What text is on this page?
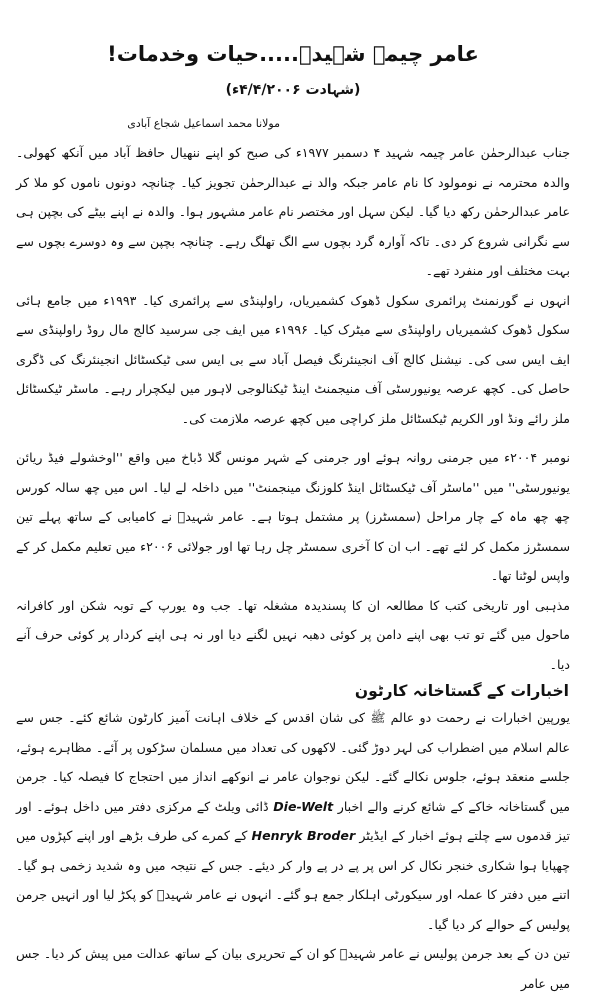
عامر چیمہ شہیدؒ.....حیات وخدمات!
(شہادت ۴/۴/۲۰۰۶ء)
مولانا محمد اسماعیل شجاع آبادی

جناب عبدالرحمٰن عامر چیمہ شہید ۴ دسمبر ۱۹۷۷ء کی صبح کو اپنے ننھیال حافظ آباد میں آنکھ کھولی۔ والدہ محترمہ نے نومولود کا نام عامر جبکہ والد نے عبدالرحمٰن تجویز کیا۔ چنانچہ دونوں ناموں کو ملا کر عامر عبدالرحمٰن رکھ دیا گیا۔ لیکن سہل اور مختصر نام عامر مشہور ہوا۔ والدہ نے اپنے بیٹے کی بچپن ہی سے نگرانی شروع کر دی۔ تاکہ آوارہ گرد بچوں سے الگ تھلگ رہے۔ چنانچہ بچپن سے وہ دوسرے بچوں سے بہت مختلف اور منفرد تھے۔

انہوں نے گورنمنٹ پرائمری سکول ڈھوک کشمیریاں، راولپنڈی سے پرائمری کیا۔ ۱۹۹۳ء میں جامع ہائی سکول ڈھوک کشمیریاں راولپنڈی سے میٹرک کیا۔ ۱۹۹۶ء میں ایف جی سرسید کالج مال روڈ راولپنڈی سے ایف ایس سی کی۔ نیشنل کالج آف انجینئرنگ فیصل آباد سے بی ایس سی ٹیکسٹائل انجینئرنگ کی ڈگری حاصل کی۔ کچھ عرصہ یونیورسٹی آف منیجمنٹ اینڈ ٹیکنالوجی لاہور میں لیکچرار رہے۔ ماسٹر ٹیکسٹائل ملز رائے ونڈ اور الکریم ٹیکسٹائل ملز کراچی میں کچھ عرصہ ملازمت کی۔

نومبر ۲۰۰۴ء میں جرمنی روانہ ہوئے اور جرمنی کے شہر مونس گلا ڈباخ میں واقع ''اوخشولے فیڈ ریائن یونیورسٹی'' میں ''ماسٹر آف ٹیکسٹائل اینڈ کلوزنگ مینجمنٹ'' میں داخلہ لے لیا۔ اس میں چھ سالہ کورس چھ چھ ماہ کے چار مراحل (سمسٹرز) پر مشتمل ہوتا ہے۔ عامر شہیدؒ نے کامیابی کے ساتھ پہلے تین سمسٹرز مکمل کر لئے تھے۔ اب ان کا آخری سمسٹر چل رہا تھا اور جولائی ۲۰۰۶ء میں تعلیم مکمل کر کے واپس لوٹنا تھا۔

مذہبی اور تاریخی کتب کا مطالعہ ان کا پسندیدہ مشغلہ تھا۔ جب وہ یورپ کے توبہ شکن اور کافرانہ ماحول میں گئے تو تب بھی اپنے دامن پر کوئی دھبہ نہیں لگنے دیا اور نہ ہی اپنے کردار پر کوئی حرف آنے دیا۔

اخبارات کے گستاخانہ کارٹون

یورپین اخبارات نے رحمت دو عالم ﷺ کی شان اقدس کے خلاف اہانت آمیز کارٹون شائع کئے۔ جس سے عالم اسلام میں اضطراب کی لہر دوڑ گئی۔ لاکھوں کی تعداد میں مسلمان سڑکوں پر آئے۔ مظاہرے ہوئے، جلسے منعقد ہوئے، جلوس نکالے گئے۔ لیکن نوجوان عامر نے انوکھے انداز میں احتجاج کا فیصلہ کیا۔ جرمن میں گستاخانہ خاکے کے شائع کرنے والے اخبار Die-Welt ڈائی ویلٹ کے مرکزی دفتر میں داخل ہوئے۔ اور تیز قدموں سے چلتے ہوئے اخبار کے ایڈیٹر Henryk Broder کے کمرے کی طرف بڑھے اور اپنے کپڑوں میں چھپایا ہوا شکاری خنجر نکال کر اس پر پے در پے وار کر دیئے۔ جس کے نتیجہ میں وہ شدید زخمی ہو گیا۔ اتنے میں دفتر کا عملہ اور سیکورٹی اہلکار جمع ہو گئے۔ انہوں نے عامر شہیدؒ کو پکڑ لیا اور انہیں جرمن پولیس کے حوالے کر دیا گیا۔

تین دن کے بعد جرمن پولیس نے عامر شہیدؒ کو ان کے تحریری بیان کے ساتھ عدالت میں پیش کر دیا۔ جس میں عامر
